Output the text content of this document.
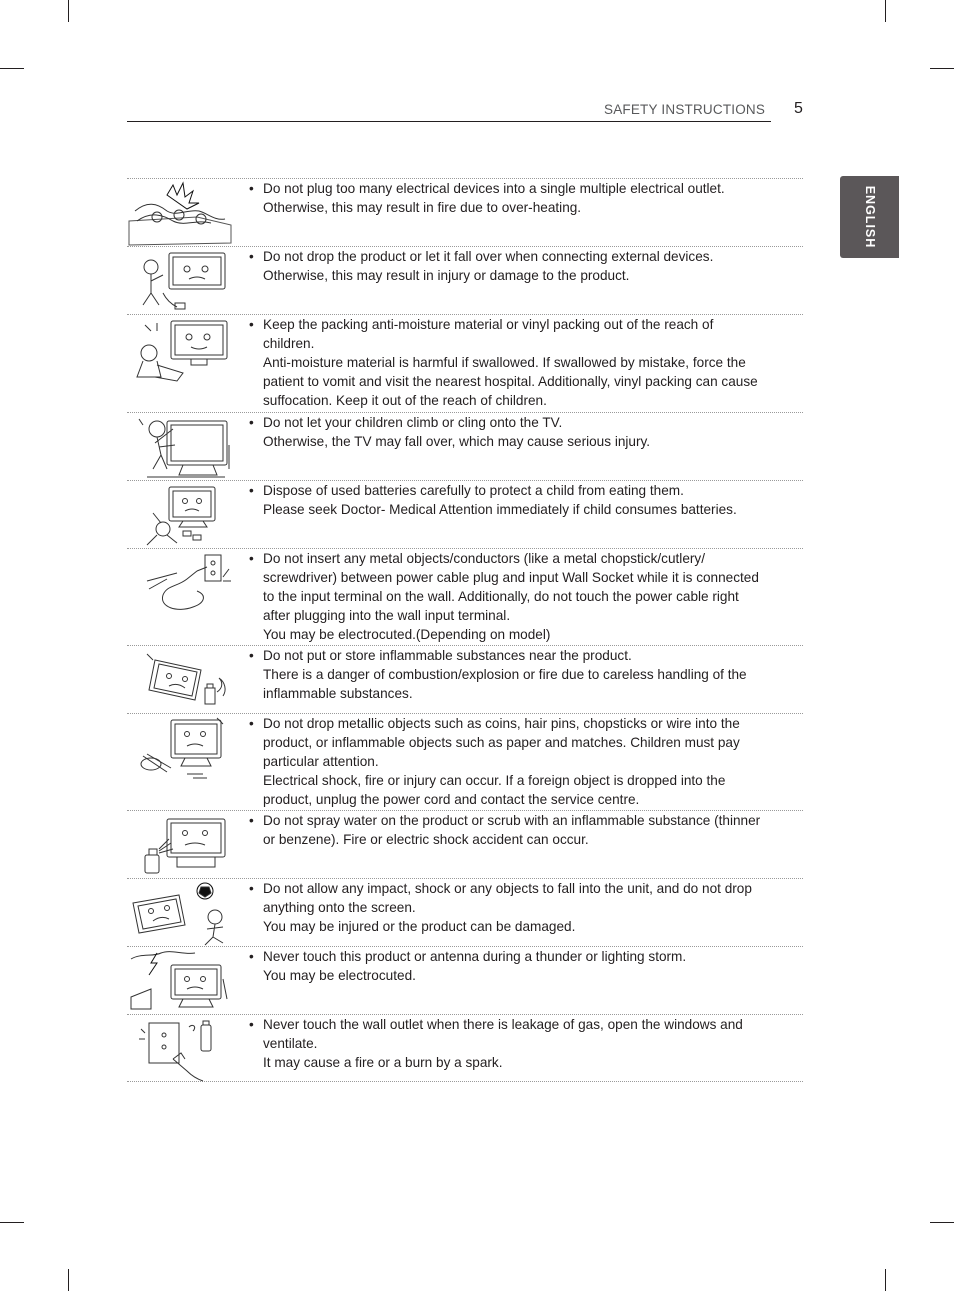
SAFETY INSTRUCTIONS 5
ENGLISH
• Do not plug too many electrical devices into a single multiple electrical outlet.
Otherwise, this may result in fire due to over-heating.
• Do not drop the product or let it fall over when connecting external devices.
Otherwise, this may result in injury or damage to the product.
• Keep the packing anti-moisture material or vinyl packing out of the reach of
children.
Anti-moisture material is harmful if swallowed. If swallowed by mistake, force the
patient to vomit and visit the nearest hospital. Additionally, vinyl packing can cause
suffocation. Keep it out of the reach of children.
• Do not let your children climb or cling onto the TV.
Otherwise, the TV may fall over, which may cause serious injury.
• Dispose of used batteries carefully to protect a child from eating them.
Please seek Doctor- Medical Attention immediately if child consumes batteries.
• Do not insert any metal objects/conductors (like a metal chopstick/cutlery/
screwdriver) between power cable plug and input Wall Socket while it is connected
to the input terminal on the wall. Additionally, do not touch the power cable right
after plugging into the wall input terminal.
You may be electrocuted.(Depending on model)
• Do not put or store inflammable substances near the product.
There is a danger of combustion/explosion or fire due to careless handling of the
inflammable substances.
• Do not drop metallic objects such as coins, hair pins, chopsticks or wire into the
product, or inflammable objects such as paper and matches. Children must pay
particular attention.
Electrical shock, fire or injury can occur. If a foreign object is dropped into the
product, unplug the power cord and contact the service centre.
• Do not spray water on the product or scrub with an inflammable substance (thinner
or benzene). Fire or electric shock accident can occur.
• Do not allow any impact, shock or any objects to fall into the unit, and do not drop
anything onto the screen.
You may be injured or the product can be damaged.
• Never touch this product or antenna during a thunder or lighting storm.
You may be electrocuted.
• Never touch the wall outlet when there is leakage of gas, open the windows and
ventilate.
It may cause a fire or a burn by a spark.
